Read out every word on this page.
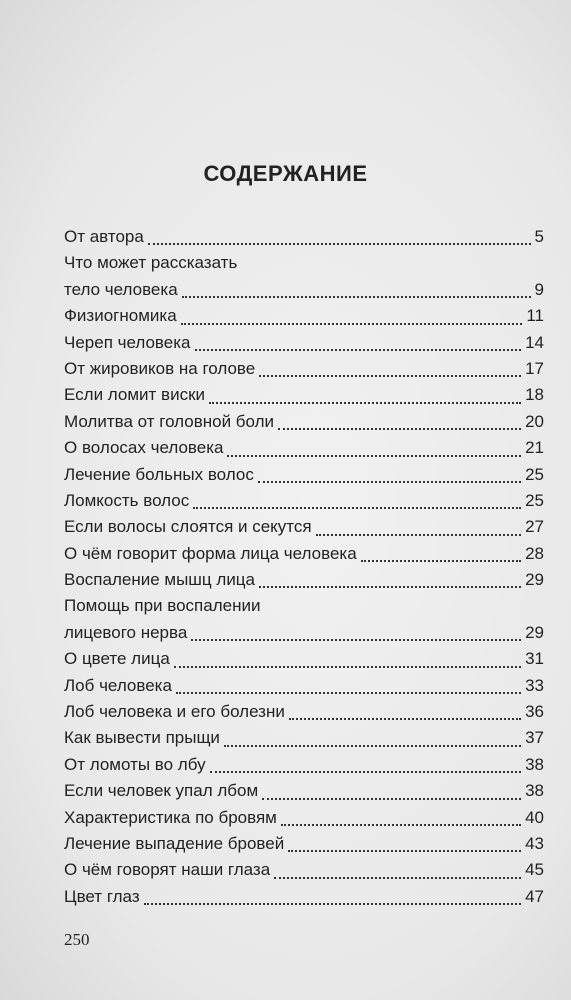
СОДЕРЖАНИЕ
От автора	5
Что может рассказать
тело человека	9
Физиогномика	11
Череп человека	14
От жировиков на голове	17
Если ломит виски	18
Молитва от головной боли	20
О волосах человека	21
Лечение больных волос	25
Ломкость волос	25
Если волосы слоятся и секутся	27
О чём говорит форма лица человека	28
Воспаление мышц лица	29
Помощь при воспалении
лицевого нерва	29
О цвете лица	31
Лоб человека	33
Лоб человека и его болезни	36
Как вывести прыщи	37
От ломоты во лбу	38
Если человек упал лбом	38
Характеристика по бровям	40
Лечение выпадение бровей	43
О чём говорят наши глаза	45
Цвет глаз	47
250
